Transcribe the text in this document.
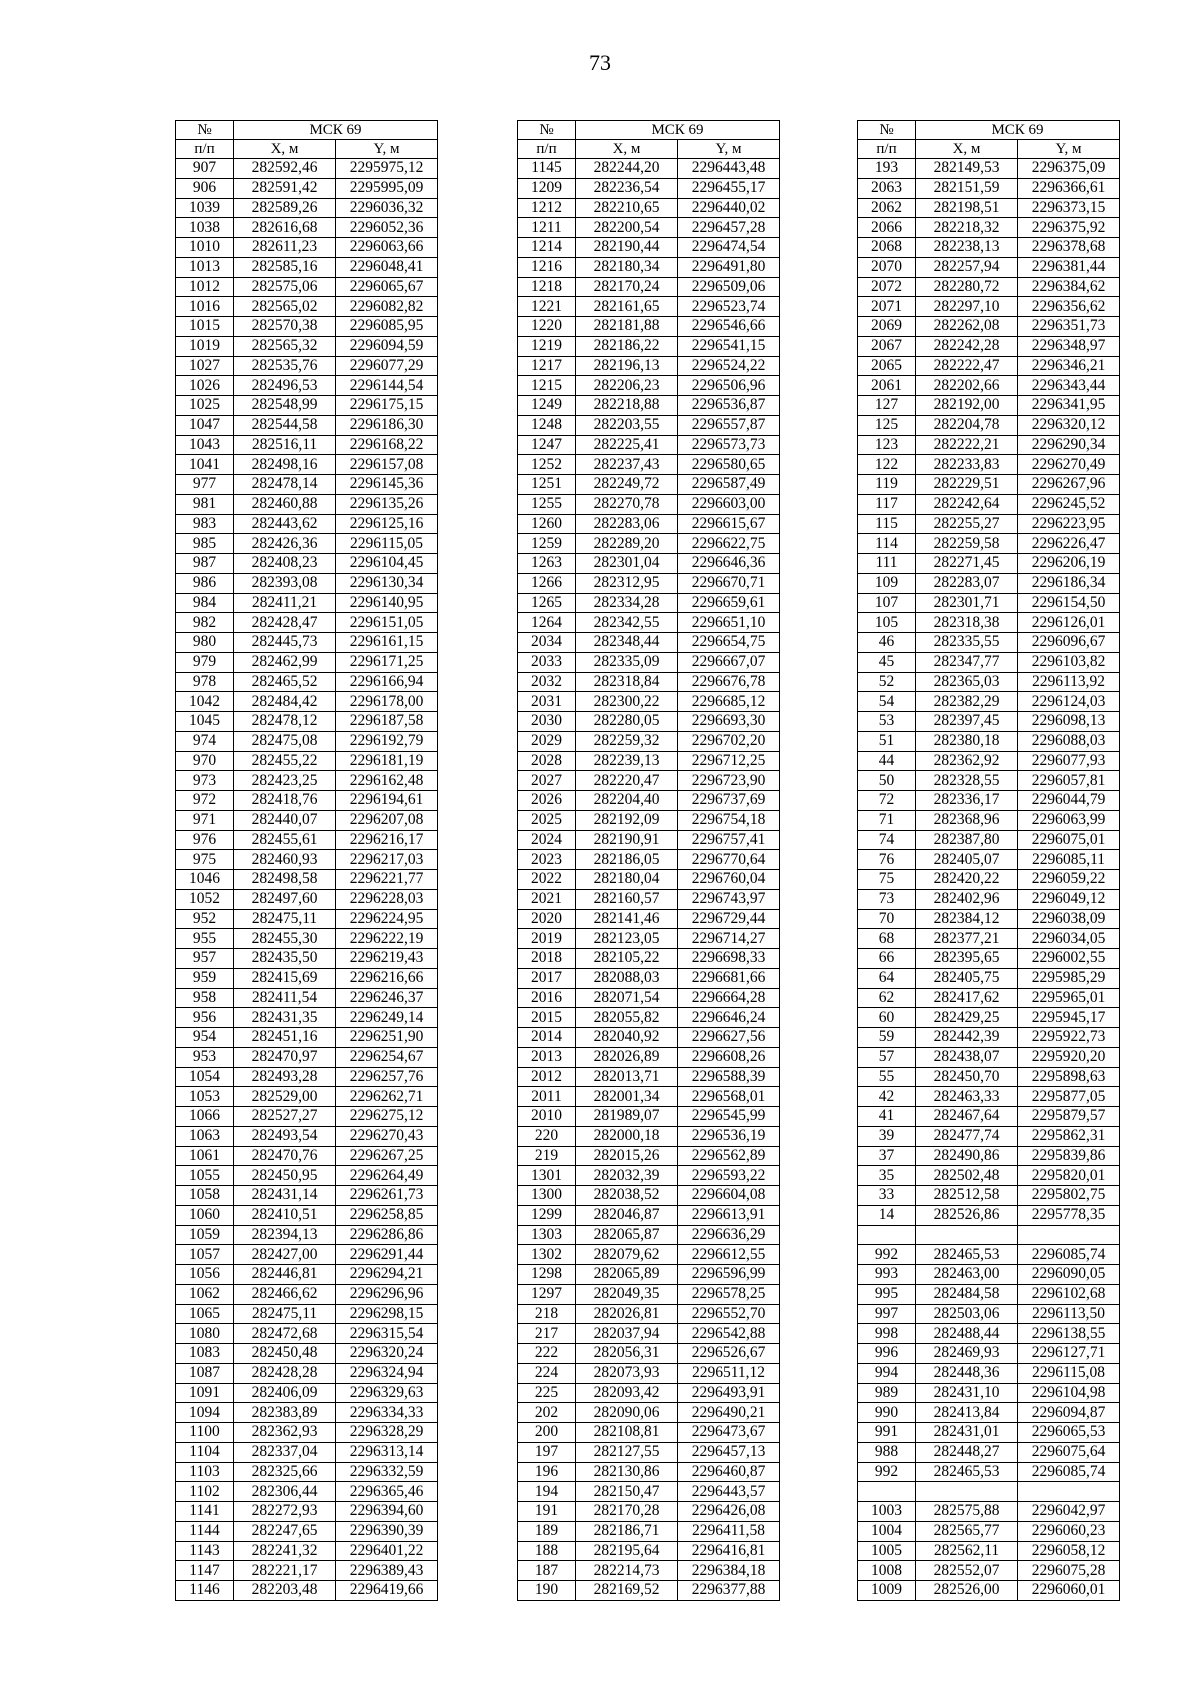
73
№	МСК 69	
п/п	X, м	Y, м
907	282592,46	2295975,12
906	282591,42	2295995,09
1039	282589,26	2296036,32
1038	282616,68	2296052,36
1010	282611,23	2296063,66
1013	282585,16	2296048,41
1012	282575,06	2296065,67
1016	282565,02	2296082,82
1015	282570,38	2296085,95
1019	282565,32	2296094,59
1027	282535,76	2296077,29
1026	282496,53	2296144,54
1025	282548,99	2296175,15
1047	282544,58	2296186,30
1043	282516,11	2296168,22
1041	282498,16	2296157,08
977	282478,14	2296145,36
981	282460,88	2296135,26
983	282443,62	2296125,16
985	282426,36	2296115,05
987	282408,23	2296104,45
986	282393,08	2296130,34
984	282411,21	2296140,95
982	282428,47	2296151,05
980	282445,73	2296161,15
979	282462,99	2296171,25
978	282465,52	2296166,94
1042	282484,42	2296178,00
1045	282478,12	2296187,58
974	282475,08	2296192,79
970	282455,22	2296181,19
973	282423,25	2296162,48
972	282418,76	2296194,61
971	282440,07	2296207,08
976	282455,61	2296216,17
975	282460,93	2296217,03
1046	282498,58	2296221,77
1052	282497,60	2296228,03
952	282475,11	2296224,95
955	282455,30	2296222,19
957	282435,50	2296219,43
959	282415,69	2296216,66
958	282411,54	2296246,37
956	282431,35	2296249,14
954	282451,16	2296251,90
953	282470,97	2296254,67
1054	282493,28	2296257,76
1053	282529,00	2296262,71
1066	282527,27	2296275,12
1063	282493,54	2296270,43
1061	282470,76	2296267,25
1055	282450,95	2296264,49
1058	282431,14	2296261,73
1060	282410,51	2296258,85
1059	282394,13	2296286,86
1057	282427,00	2296291,44
1056	282446,81	2296294,21
1062	282466,62	2296296,96
1065	282475,11	2296298,15
1080	282472,68	2296315,54
1083	282450,48	2296320,24
1087	282428,28	2296324,94
1091	282406,09	2296329,63
1094	282383,89	2296334,33
1100	282362,93	2296328,29
1104	282337,04	2296313,14
1103	282325,66	2296332,59
1102	282306,44	2296365,46
1141	282272,93	2296394,60
1144	282247,65	2296390,39
1143	282241,32	2296401,22
1147	282221,17	2296389,43
1146	282203,48	2296419,66
№	МСК 69	
п/п	X, м	Y, м
1145	282244,20	2296443,48
1209	282236,54	2296455,17
1212	282210,65	2296440,02
1211	282200,54	2296457,28
1214	282190,44	2296474,54
1216	282180,34	2296491,80
1218	282170,24	2296509,06
1221	282161,65	2296523,74
1220	282181,88	2296546,66
1219	282186,22	2296541,15
1217	282196,13	2296524,22
1215	282206,23	2296506,96
1249	282218,88	2296536,87
1248	282203,55	2296557,87
1247	282225,41	2296573,73
1252	282237,43	2296580,65
1251	282249,72	2296587,49
1255	282270,78	2296603,00
1260	282283,06	2296615,67
1259	282289,20	2296622,75
1263	282301,04	2296646,36
1266	282312,95	2296670,71
1265	282334,28	2296659,61
1264	282342,55	2296651,10
2034	282348,44	2296654,75
2033	282335,09	2296667,07
2032	282318,84	2296676,78
2031	282300,22	2296685,12
2030	282280,05	2296693,30
2029	282259,32	2296702,20
2028	282239,13	2296712,25
2027	282220,47	2296723,90
2026	282204,40	2296737,69
2025	282192,09	2296754,18
2024	282190,91	2296757,41
2023	282186,05	2296770,64
2022	282180,04	2296760,04
2021	282160,57	2296743,97
2020	282141,46	2296729,44
2019	282123,05	2296714,27
2018	282105,22	2296698,33
2017	282088,03	2296681,66
2016	282071,54	2296664,28
2015	282055,82	2296646,24
2014	282040,92	2296627,56
2013	282026,89	2296608,26
2012	282013,71	2296588,39
2011	282001,34	2296568,01
2010	281989,07	2296545,99
220	282000,18	2296536,19
219	282015,26	2296562,89
1301	282032,39	2296593,22
1300	282038,52	2296604,08
1299	282046,87	2296613,91
1303	282065,87	2296636,29
1302	282079,62	2296612,55
1298	282065,89	2296596,99
1297	282049,35	2296578,25
218	282026,81	2296552,70
217	282037,94	2296542,88
222	282056,31	2296526,67
224	282073,93	2296511,12
225	282093,42	2296493,91
202	282090,06	2296490,21
200	282108,81	2296473,67
197	282127,55	2296457,13
196	282130,86	2296460,87
194	282150,47	2296443,57
191	282170,28	2296426,08
189	282186,71	2296411,58
188	282195,64	2296416,81
187	282214,73	2296384,18
190	282169,52	2296377,88
№	МСК 69	
п/п	X, м	Y, м
193	282149,53	2296375,09
2063	282151,59	2296366,61
2062	282198,51	2296373,15
2066	282218,32	2296375,92
2068	282238,13	2296378,68
2070	282257,94	2296381,44
2072	282280,72	2296384,62
2071	282297,10	2296356,62
2069	282262,08	2296351,73
2067	282242,28	2296348,97
2065	282222,47	2296346,21
2061	282202,66	2296343,44
127	282192,00	2296341,95
125	282204,78	2296320,12
123	282222,21	2296290,34
122	282233,83	2296270,49
119	282229,51	2296267,96
117	282242,64	2296245,52
115	282255,27	2296223,95
114	282259,58	2296226,47
111	282271,45	2296206,19
109	282283,07	2296186,34
107	282301,71	2296154,50
105	282318,38	2296126,01
46	282335,55	2296096,67
45	282347,77	2296103,82
52	282365,03	2296113,92
54	282382,29	2296124,03
53	282397,45	2296098,13
51	282380,18	2296088,03
44	282362,92	2296077,93
50	282328,55	2296057,81
72	282336,17	2296044,79
71	282368,96	2296063,99
74	282387,80	2296075,01
76	282405,07	2296085,11
75	282420,22	2296059,22
73	282402,96	2296049,12
70	282384,12	2296038,09
68	282377,21	2296034,05
66	282395,65	2296002,55
64	282405,75	2295985,29
62	282417,62	2295965,01
60	282429,25	2295945,17
59	282442,39	2295922,73
57	282438,07	2295920,20
55	282450,70	2295898,63
42	282463,33	2295877,05
41	282467,64	2295879,57
39	282477,74	2295862,31
37	282490,86	2295839,86
35	282502,48	2295820,01
33	282512,58	2295802,75
14	282526,86	2295778,35

992	282465,53	2296085,74
993	282463,00	2296090,05
995	282484,58	2296102,68
997	282503,06	2296113,50
998	282488,44	2296138,55
996	282469,93	2296127,71
994	282448,36	2296115,08
989	282431,10	2296104,98
990	282413,84	2296094,87
991	282431,01	2296065,53
988	282448,27	2296075,64
992	282465,53	2296085,74

1003	282575,88	2296042,97
1004	282565,77	2296060,23
1005	282562,11	2296058,12
1008	282552,07	2296075,28
1009	282526,00	2296060,01
